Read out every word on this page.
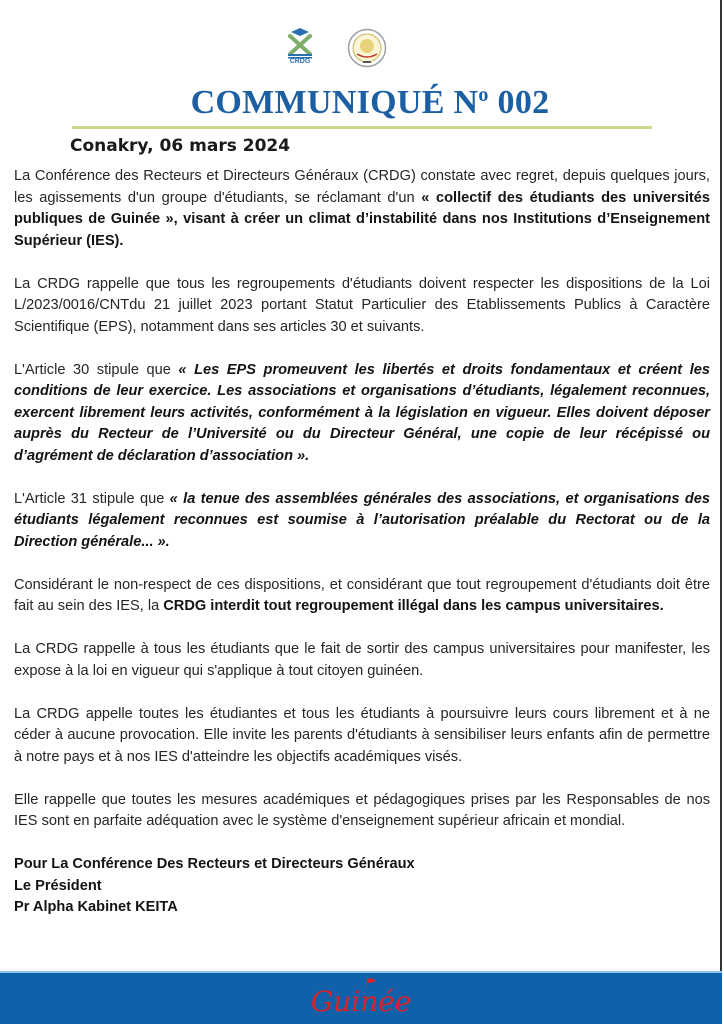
CRDG
COMMUNIQUÉ $N^o$ 002
Conakry, 06 mars 2024

La Conférence des Recteurs et Directeurs Généraux (CRDG) constate avec regret, depuis quelques jours, les agissements d'un groupe d'étudiants, se réclamant d'un « collectif des étudiants des universités publiques de Guinée », visant à créer un climat d’instabilité dans nos Institutions d’Enseignement Supérieur (IES).

La CRDG rappelle que tous les regroupements d'étudiants doivent respecter les dispositions de la Loi L/2023/0016/CNTdu 21 juillet 2023 portant Statut Particulier des Etablissements Publics à Caractère Scientifique (EPS), notamment dans ses articles 30 et suivants.

L'Article 30 stipule que « Les EPS promeuvent les libertés et droits fondamentaux et créent les conditions de leur exercice. Les associations et organisations d’étudiants, légalement reconnues, exercent librement leurs activités, conformément à la législation en vigueur. Elles doivent déposer auprès du Recteur de l’Université ou du Directeur Général, une copie de leur récépissé ou d’agrément de déclaration d’association ».

L'Article 31 stipule que « la tenue des assemblées générales des associations, et organisations des étudiants légalement reconnues est soumise à l’autorisation préalable du Rectorat ou de la Direction générale... ».

Considérant le non-respect de ces dispositions, et considérant que tout regroupement d'étudiants doit être fait au sein des IES, la CRDG interdit tout regroupement illégal dans les campus universitaires.

La CRDG rappelle à tous les étudiants que le fait de sortir des campus universitaires pour manifester, les expose à la loi en vigueur qui s'applique à tout citoyen guinéen.

La CRDG appelle toutes les étudiantes et tous les étudiants à poursuivre leurs cours librement et à ne céder à aucune provocation. Elle invite les parents d'étudiants à sensibiliser leurs enfants afin de permettre à notre pays et à nos IES d'atteindre les objectifs académiques visés.

Elle rappelle que toutes les mesures académiques et pédagogiques prises par les Responsables de nos IES sont en parfaite adéquation avec le système d'enseignement supérieur africain et mondial.

Pour La Conférence Des Recteurs et Directeurs Généraux
Le Président
Pr Alpha Kabinet KEITA
Guinée
